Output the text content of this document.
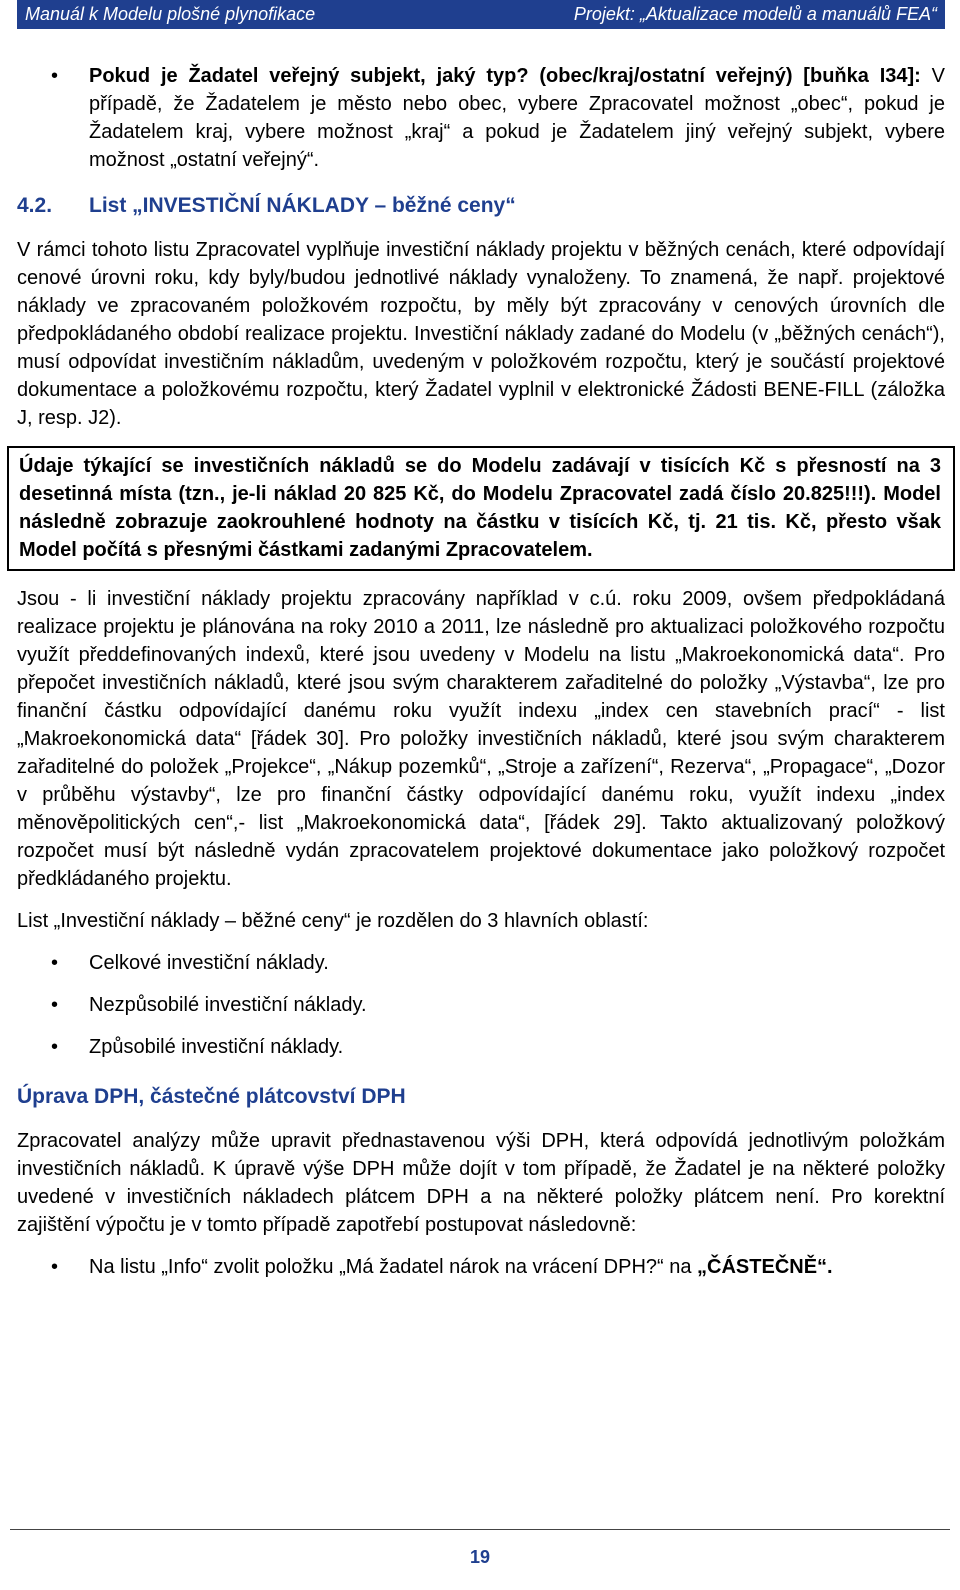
Manuál k Modelu plošné plynofikace	Projekt: „Aktualizace modelů a manuálů FEA“
• Pokud je Žadatel veřejný subjekt, jaký typ? (obec/kraj/ostatní veřejný) [buňka I34]: V případě, že Žadatelem je město nebo obec, vybere Zpracovatel možnost „obec“, pokud je Žadatelem kraj, vybere možnost „kraj“ a pokud je Žadatelem jiný veřejný subjekt, vybere možnost „ostatní veřejný“.
4.2. List „INVESTIČNÍ NÁKLADY – běžné ceny“

V rámci tohoto listu Zpracovatel vyplňuje investiční náklady projektu v běžných cenách, které odpovídají cenové úrovni roku, kdy byly/budou jednotlivé náklady vynaloženy. To znamená, že např. projektové náklady ve zpracovaném položkovém rozpočtu, by měly být zpracovány v cenových úrovních dle předpokládaného období realizace projektu. Investiční náklady zadané do Modelu (v „běžných cenách“), musí odpovídat investičním nákladům, uvedeným v položkovém rozpočtu, který je součástí projektové dokumentace a položkovému rozpočtu, který Žadatel vyplnil v elektronické Žádosti BENE-FILL (záložka J, resp. J2).

Údaje týkající se investičních nákladů se do Modelu zadávají v tisících Kč s přesností na 3 desetinná místa (tzn., je-li náklad 20 825 Kč, do Modelu Zpracovatel zadá číslo 20.825!!!). Model následně zobrazuje zaokrouhlené hodnoty na částku v tisících Kč, tj. 21 tis. Kč, přesto však Model počítá s přesnými částkami zadanými Zpracovatelem.

Jsou - li investiční náklady projektu zpracovány například v c.ú. roku 2009, ovšem předpokládaná realizace projektu je plánována na roky 2010 a 2011, lze následně pro aktualizaci položkového rozpočtu využít předdefinovaných indexů, které jsou uvedeny v Modelu na listu „Makroekonomická data“. Pro přepočet investičních nákladů, které jsou svým charakterem zařaditelné do položky „Výstavba“, lze pro finanční částku odpovídající danému roku využít indexu „index cen stavebních prací“ - list „Makroekonomická data“ [řádek 30]. Pro položky investičních nákladů, které jsou svým charakterem zařaditelné do položek „Projekce“, „Nákup pozemků“, „Stroje a zařízení“, Rezerva“, „Propagace“, „Dozor v průběhu výstavby“, lze pro finanční částky odpovídající danému roku, využít indexu „index měnověpolitických cen“,- list „Makroekonomická data“, [řádek 29]. Takto aktualizovaný položkový rozpočet musí být následně vydán zpracovatelem projektové dokumentace jako položkový rozpočet předkládaného projektu.

List „Investiční náklady – běžné ceny“ je rozdělen do 3 hlavních oblastí:

• Celkové investiční náklady.
• Nezpůsobilé investiční náklady.
• Způsobilé investiční náklady.
Úprava DPH, částečné plátcovství DPH

Zpracovatel analýzy může upravit přednastavenou výši DPH, která odpovídá jednotlivým položkám investičních nákladů. K úpravě výše DPH může dojít v tom případě, že Žadatel je na některé položky uvedené v investičních nákladech plátcem DPH a na některé položky plátcem není. Pro korektní zajištění výpočtu je v tomto případě zapotřebí postupovat následovně:

• Na listu „Info“ zvolit položku „Má žadatel nárok na vrácení DPH?“ na „ČÁSTEČNĚ“.
19
